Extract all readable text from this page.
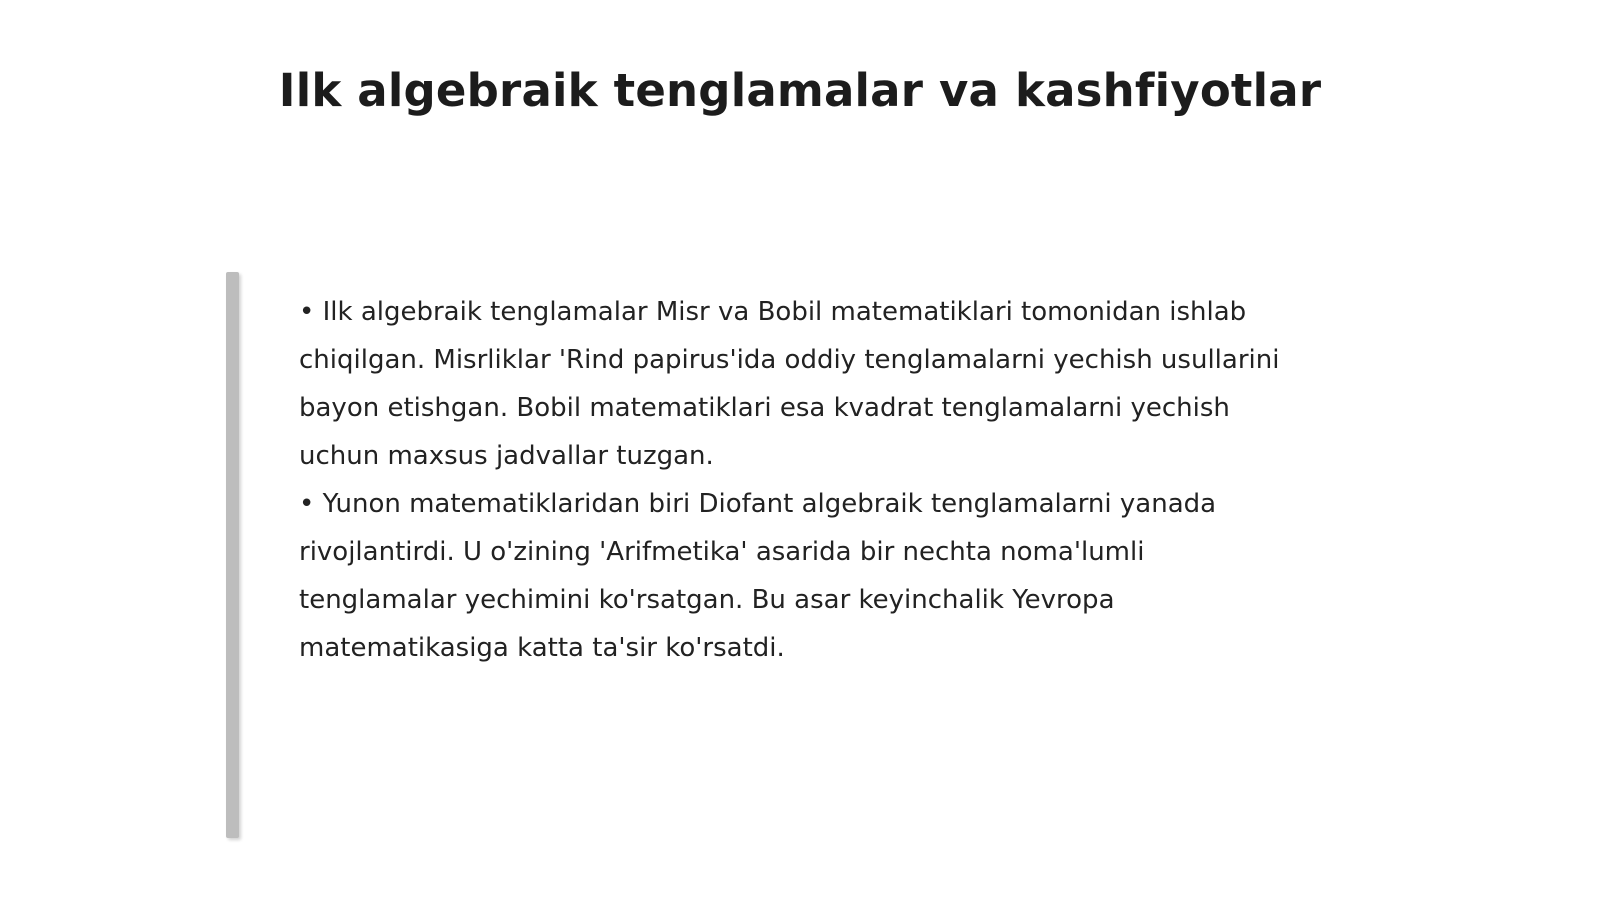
Ilk algebraik tenglamalar va kashfiyotlar

• Ilk algebraik tenglamalar Misr va Bobil matematiklari tomonidan ishlab chiqilgan. Misrliklar 'Rind papirus'ida oddiy tenglamalarni yechish usullarini bayon etishgan. Bobil matematiklari esa kvadrat tenglamalarni yechish uchun maxsus jadvallar tuzgan.

• Yunon matematiklaridan biri Diofant algebraik tenglamalarni yanada rivojlantirdi. U o'zining 'Arifmetika' asarida bir nechta noma'lumli tenglamalar yechimini ko'rsatgan. Bu asar keyinchalik Yevropa matematikasiga katta ta'sir ko'rsatdi.
